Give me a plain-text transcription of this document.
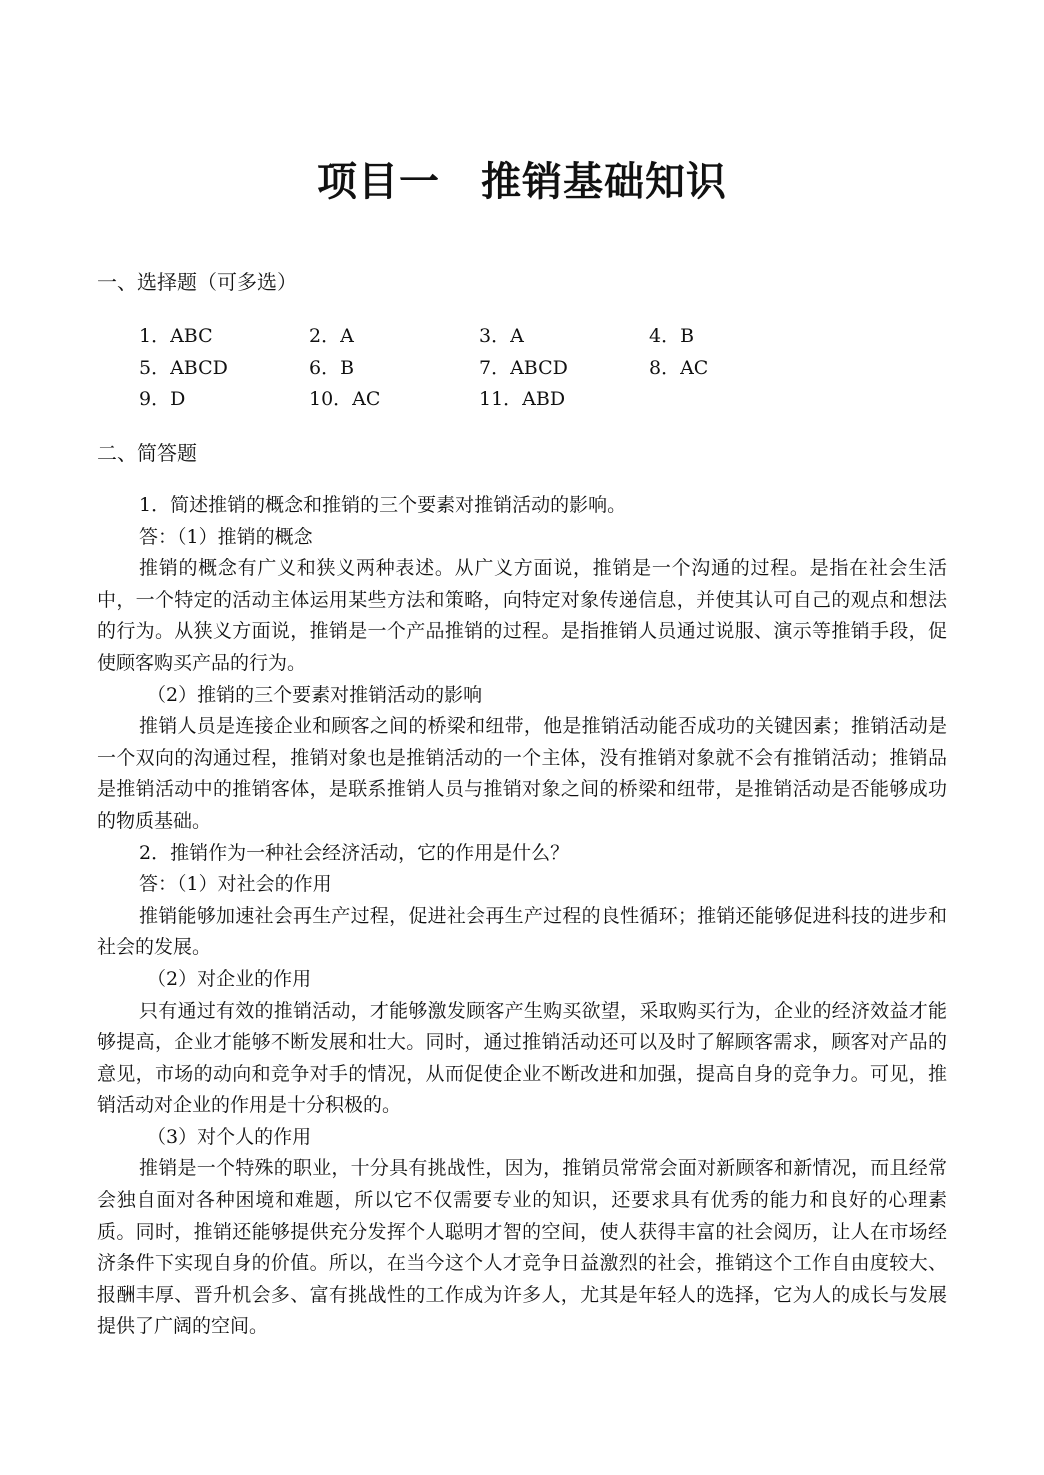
项目一　推销基础知识
一、选择题（可多选）
1．ABC	2．A	3．A	4．B
5．ABCD	6．B	7．ABCD	8．AC
9．D	10．AC	11．ABD
二、简答题

1．简述推销的概念和推销的三个要素对推销活动的影响。

答：（1）推销的概念

推销的概念有广义和狭义两种表述。从广义方面说，推销是一个沟通的过程。是指在社会生活中，一个特定的活动主体运用某些方法和策略，向特定对象传递信息，并使其认可自己的观点和想法的行为。从狭义方面说，推销是一个产品推销的过程。是指推销人员通过说服、演示等推销手段，促使顾客购买产品的行为。

（2）推销的三个要素对推销活动的影响

推销人员是连接企业和顾客之间的桥梁和纽带，他是推销活动能否成功的关键因素；推销活动是一个双向的沟通过程，推销对象也是推销活动的一个主体，没有推销对象就不会有推销活动；推销品是推销活动中的推销客体，是联系推销人员与推销对象之间的桥梁和纽带，是推销活动是否能够成功的物质基础。

2．推销作为一种社会经济活动，它的作用是什么？

答：（1）对社会的作用

推销能够加速社会再生产过程，促进社会再生产过程的良性循环；推销还能够促进科技的进步和社会的发展。

（2）对企业的作用

只有通过有效的推销活动，才能够激发顾客产生购买欲望，采取购买行为，企业的经济效益才能够提高，企业才能够不断发展和壮大。同时，通过推销活动还可以及时了解顾客需求，顾客对产品的意见，市场的动向和竞争对手的情况，从而促使企业不断改进和加强，提高自身的竞争力。可见，推销活动对企业的作用是十分积极的。

（3）对个人的作用

推销是一个特殊的职业，十分具有挑战性，因为，推销员常常会面对新顾客和新情况，而且经常会独自面对各种困境和难题，所以它不仅需要专业的知识，还要求具有优秀的能力和良好的心理素质。同时，推销还能够提供充分发挥个人聪明才智的空间，使人获得丰富的社会阅历，让人在市场经济条件下实现自身的价值。所以，在当今这个人才竞争日益激烈的社会，推销这个工作自由度较大、报酬丰厚、晋升机会多、富有挑战性的工作成为许多人，尤其是年轻人的选择，它为人的成长与发展提供了广阔的空间。
